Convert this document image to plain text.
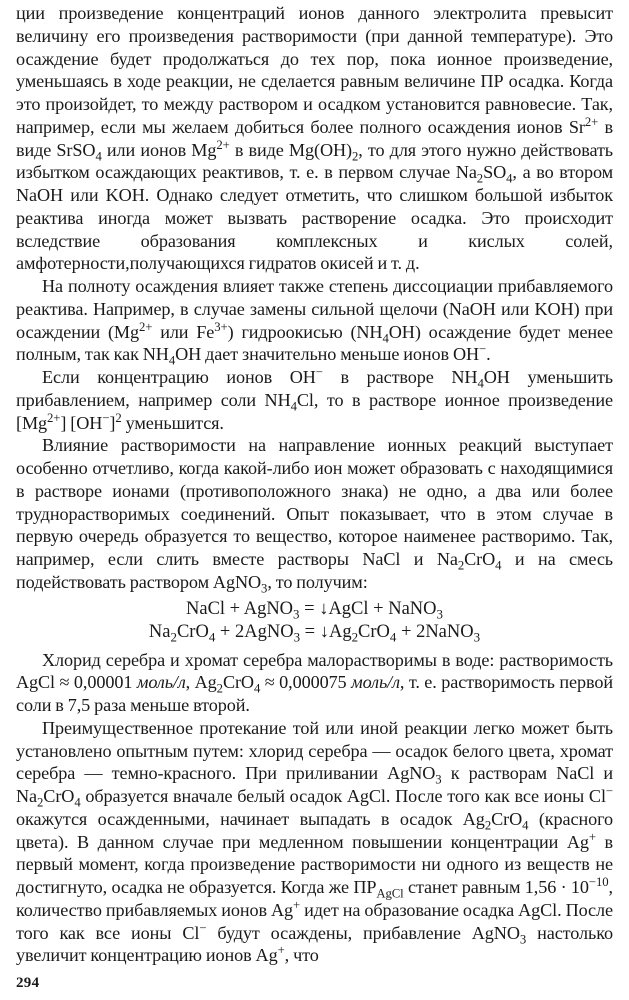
ции произведение концентраций ионов данного электролита превысит величину его произведения растворимости (при данной температуре). Это осаждение будет продолжаться до тех пор, пока ионное произведение, уменьшаясь в ходе реакции, не сделается равным величине ПР осадка. Когда это произойдет, то между раствором и осадком установится равновесие. Так, например, если мы желаем добиться более полного осаждения ионов $Sr^{2+}$ в виде SrSO$_4$ или ионов $Mg^{2+}$ в виде $Mg(OH)_2$, то для этого нужно действовать избытком осаждающих реактивов, т. е. в первом случае $Na_2SO_4$, а во втором NaOH или KOH. Однако следует отметить, что слишком большой избыток реактива иногда может вызвать растворение осадка. Это происходит вследствие образования комплексных и кислых солей, амфотерности,получающихся гидратов окисей и т. д.

На полноту осаждения влияет также степень диссоциации прибавляемого реактива. Например, в случае замены сильной щелочи (NaOH или KOH) при осаждении ($Mg^{2+}$ или $Fe^{3+}$) гидроокисью $(NH_4OH)$ осаждение будет менее полным, так как $NH_4OH$ дает значительно меньше ионов OH−.

Если концентрацию ионов OH− в растворе $NH_4OH$ уменьшить прибавлением, например соли $NH_4Cl$, то в растворе ионное произведение $[Mg^{2+}]$ $[OH^-]^2$ уменьшится.

Влияние растворимости на направление ионных реакций выступает особенно отчетливо, когда какой-либо ион может образовать с находящимися в растворе ионами (противоположного знака) не одно, а два или более труднорастворимых соединений. Опыт показывает, что в этом случае в первую очередь образуется то вещество, которое наименее растворимо. Так, например, если слить вместе растворы NaCl и $Na_2CrO_4$ и на смесь подействовать раствором AgNO$_3$, то получим:

NaCl + AgNO$_3$ = ↓AgCl + NaNO$_3$
$Na_2CrO_4$ + 2AgNO$_3$ = $↓Ag_2CrO_4$ + 2NaNO$_3$

Хлорид серебра и хромат серебра малорастворимы в воде: растворимость AgCl ≈ 0,00001 моль/л, $Ag_2CrO_4 \approx 0,000075$ моль/л, т. е. растворимость первой соли в 7,5 раза меньше второй.

Преимущественное протекание той или иной реакции легко может быть установлено опытным путем: хлорид серебра — осадок белого цвета, хромат серебра — темно-красного. При приливании AgNO$_3$ к растворам NaCl и $Na_2CrO_4$ образуется вначале белый осадок AgCl. После того как все ионы Cl− окажутся осажденными, начинает выпадать в осадок $Ag_2CrO_4$ (красного цвета). В данном случае при медленном повышении концентрации Ag+ в первый момент, когда произведение растворимости ни одного из веществ не достигнуто, осадка не образуется. Когда же $ПР_{AgCl}$ станет равным $1,56 \cdot 10^{-10}$, количество прибавляемых ионов Ag+ идет на образование осадка AgCl. После того как все ионы Cl− будут осаждены, прибавление AgNO$_3$ настолько увеличит концентрацию ионов Ag+, что

294
